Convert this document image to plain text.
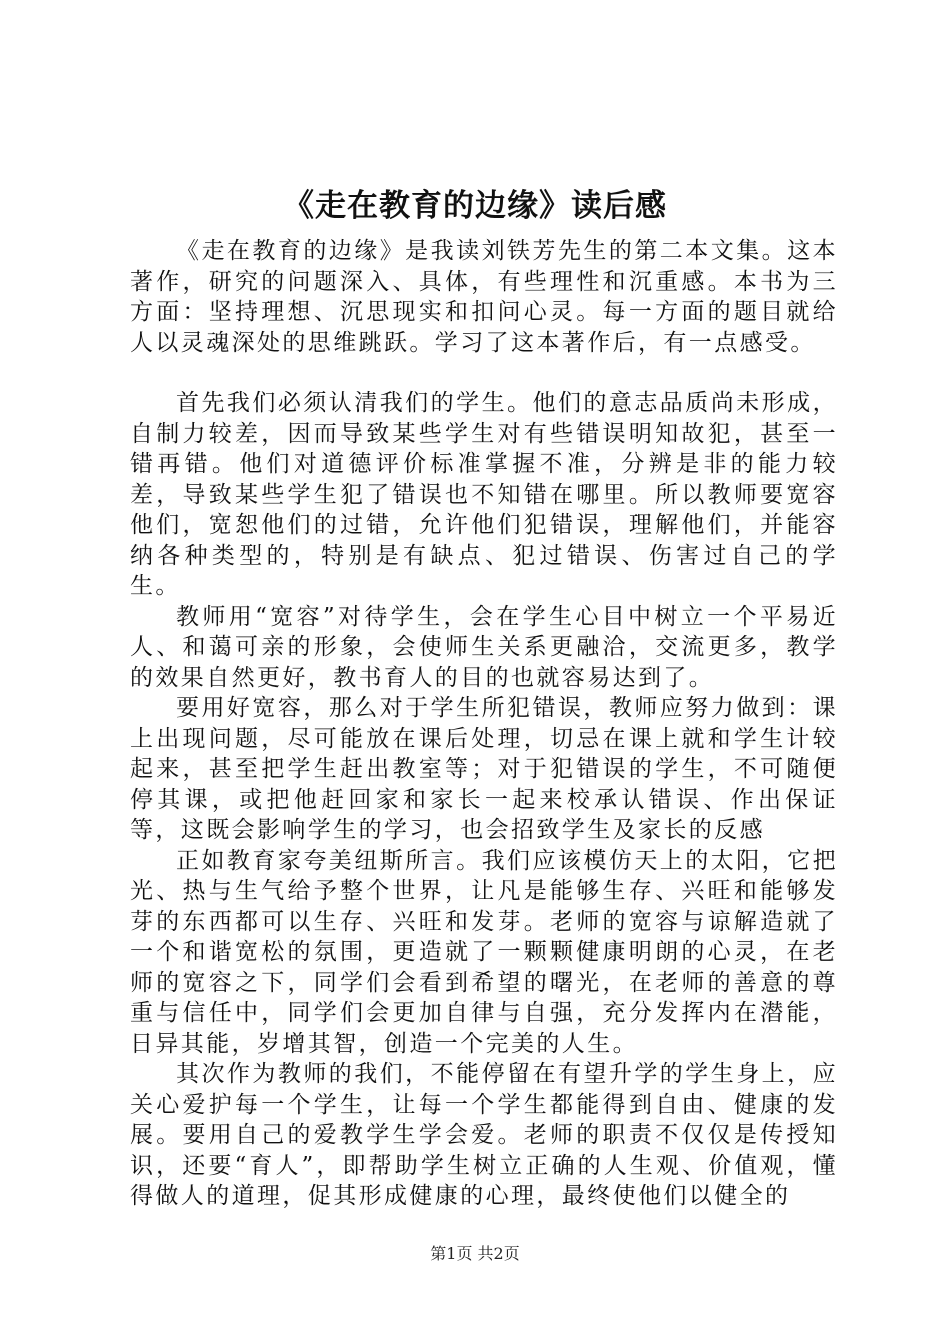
《走在教育的边缘》读后感

《走在教育的边缘》是我读刘铁芳先生的第二本文集。这本著作，研究的问题深入、具体，有些理性和沉重感。本书为三方面：坚持理想、沉思现实和扣问心灵。每一方面的题目就给人以灵魂深处的思维跳跃。学习了这本著作后，有一点感受。

首先我们必须认清我们的学生。他们的意志品质尚未形成，自制力较差，因而导致某些学生对有些错误明知故犯，甚至一错再错。他们对道德评价标准掌握不准，分辨是非的能力较差，导致某些学生犯了错误也不知错在哪里。所以教师要宽容他们，宽恕他们的过错，允许他们犯错误，理解他们，并能容纳各种类型的，特别是有缺点、犯过错误、伤害过自己的学生。

教师用“宽容”对待学生，会在学生心目中树立一个平易近人、和蔼可亲的形象，会使师生关系更融洽，交流更多，教学的效果自然更好，教书育人的目的也就容易达到了。

要用好宽容，那么对于学生所犯错误，教师应努力做到：课上出现问题，尽可能放在课后处理，切忌在课上就和学生计较起来，甚至把学生赶出教室等；对于犯错误的学生，不可随便停其课，或把他赶回家和家长一起来校承认错误、作出保证等，这既会影响学生的学习，也会招致学生及家长的反感

正如教育家夸美纽斯所言。我们应该模仿天上的太阳，它把光、热与生气给予整个世界，让凡是能够生存、兴旺和能够发芽的东西都可以生存、兴旺和发芽。老师的宽容与谅解造就了一个和谐宽松的氛围，更造就了一颗颗健康明朗的心灵，在老师的宽容之下，同学们会看到希望的曙光，在老师的善意的尊重与信任中，同学们会更加自律与自强，充分发挥内在潜能，日异其能，岁增其智，创造一个完美的人生。

其次作为教师的我们，不能停留在有望升学的学生身上，应关心爱护每一个学生，让每一个学生都能得到自由、健康的发展。要用自己的爱教学生学会爱。老师的职责不仅仅是传授知识，还要“育人”，即帮助学生树立正确的人生观、价值观，懂得做人的道理，促其形成健康的心理，最终使他们以健全的

第1页 共2页
